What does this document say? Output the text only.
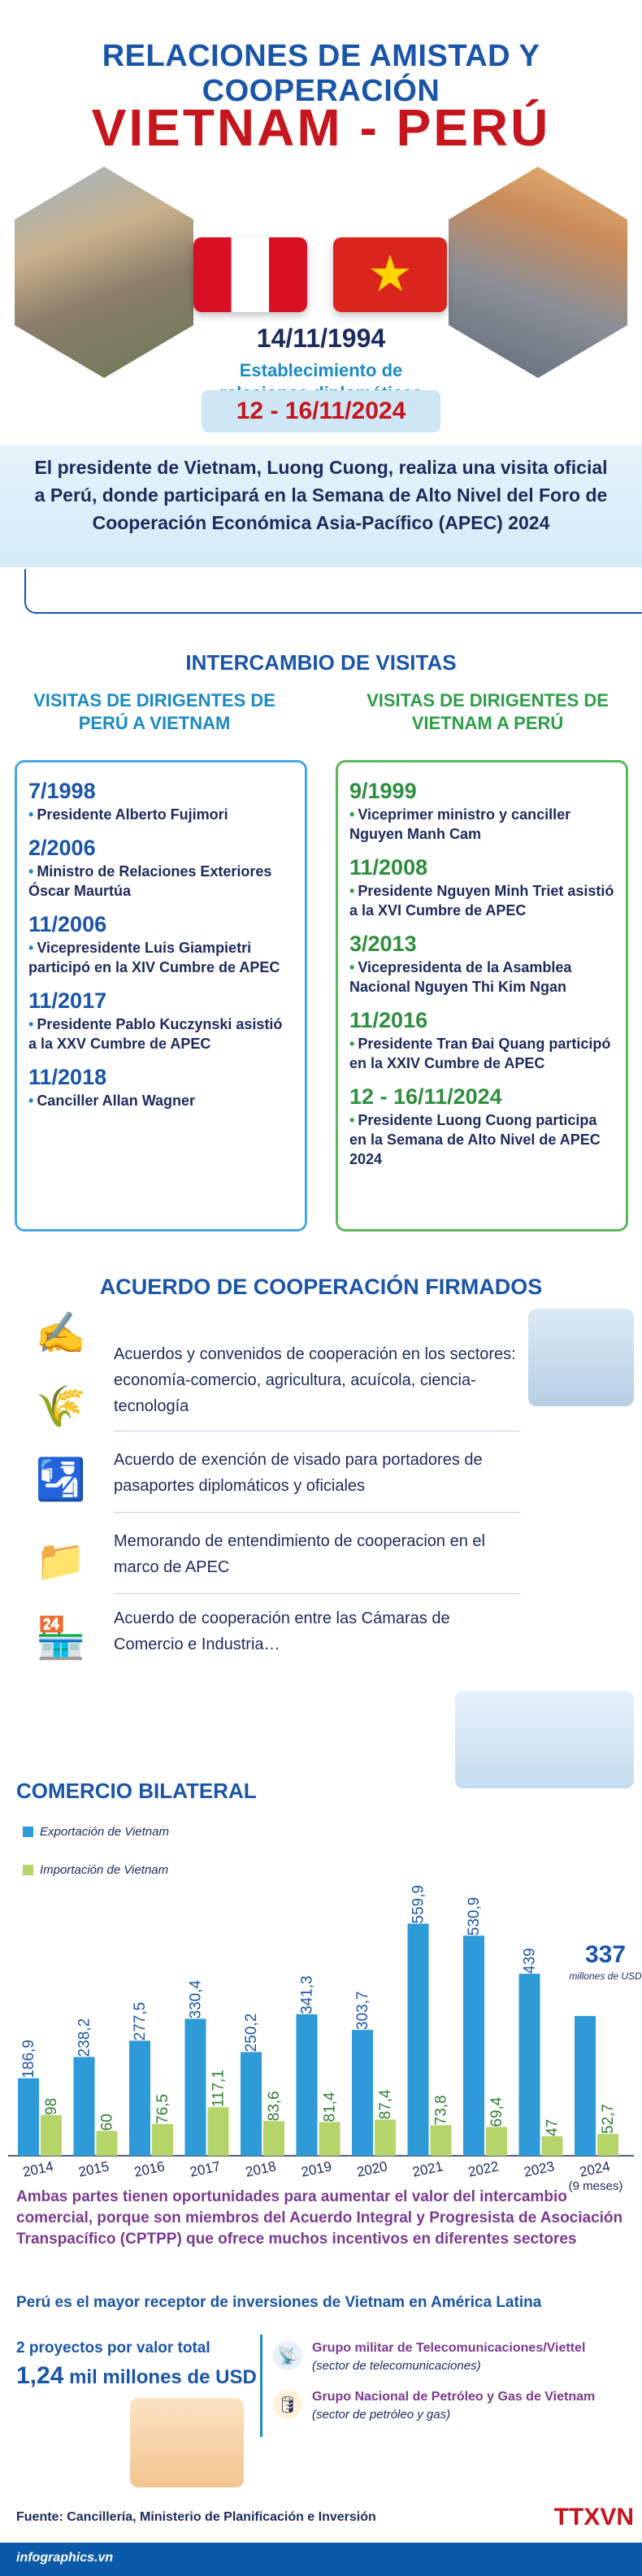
RELACIONES DE AMISTAD Y COOPERACIÓN
VIETNAM - PERÚ
★
14/11/1994
Establecimiento de
12 - 16/11/2024
El presidente de Vietnam, Luong Cuong, realiza una visita oficial a Perú, donde participará en la Semana de Alto Nivel del Foro de Cooperación Económica Asia-Pacífico (APEC) 2024
INTERCAMBIO DE VISITAS
VISITAS DE DIRIGENTES DE PERÚ A VIETNAM
VISITAS DE DIRIGENTES DE VIETNAM A PERÚ
7/1998
• Presidente Alberto Fujimori
2/2006
• Ministro de Relaciones Exteriores Óscar Maurtúa
11/2006
• Vicepresidente Luis Giampietri participó en la XIV Cumbre de APEC
11/2017
• Presidente Pablo Kuczynski asistió a la XXV Cumbre de APEC
11/2018
• Canciller Allan Wagner
9/1999
• Viceprimer ministro y canciller Nguyen Manh Cam
11/2008
• Presidente Nguyen Minh Triet asistió a la XVI Cumbre de APEC
3/2013
• Vicepresidenta de la Asamblea Nacional Nguyen Thi Kim Ngan
11/2016
• Presidente Tran Đai Quang participó en la XXIV Cumbre de APEC
12 - 16/11/2024
• Presidente Luong Cuong participa en la Semana de Alto Nivel de APEC 2024
ACUERDO DE COOPERACIÓN FIRMADOS
✍
🌾
Acuerdos y convenidos de cooperación en los sectores: economía-comercio, agricultura, acuícola, ciencia-tecnología
🛂	Acuerdo de exención de visado para portadores de pasaportes diplomáticos y oficiales
📁	Memorando de entendimiento de cooperacion en el marco de APEC
🏪	Acuerdo de cooperación entre las Cámaras de Comercio e Industria…
COMERCIO BILATERAL
Exportación de Vietnam
Importación de Vietnam
186,9
98
2014
238,2
60
2015
277,5
76,5
2016
330,4
117,1
2017
250,2
83,6
2018
341,3
81,4
2019
303,7
87,4
2020
559,9
73,8
2021
530,9
69,4
2022
439
47
2023
52,7
2024
(9 meses)
337
millones de USD
Ambas partes tienen oportunidades para aumentar el valor del intercambio comercial, porque son miembros del Acuerdo Integral y Progresista de Asociación Transpacífico (CPTPP) que ofrece muchos incentivos en diferentes sectores
Perú es el mayor receptor de inversiones de Vietnam en América Latina
2 proyectos por valor total
1,24 mil millones de USD
📡	Grupo militar de Telecomunicaciones/Viettel
(sector de telecomunicaciones)
🛢	Grupo Nacional de Petróleo y Gas de Vietnam
(sector de petróleo y gas)
Fuente: Cancillería, Ministerio de Planificación e Inversión	TTXVN
infographics.vn
